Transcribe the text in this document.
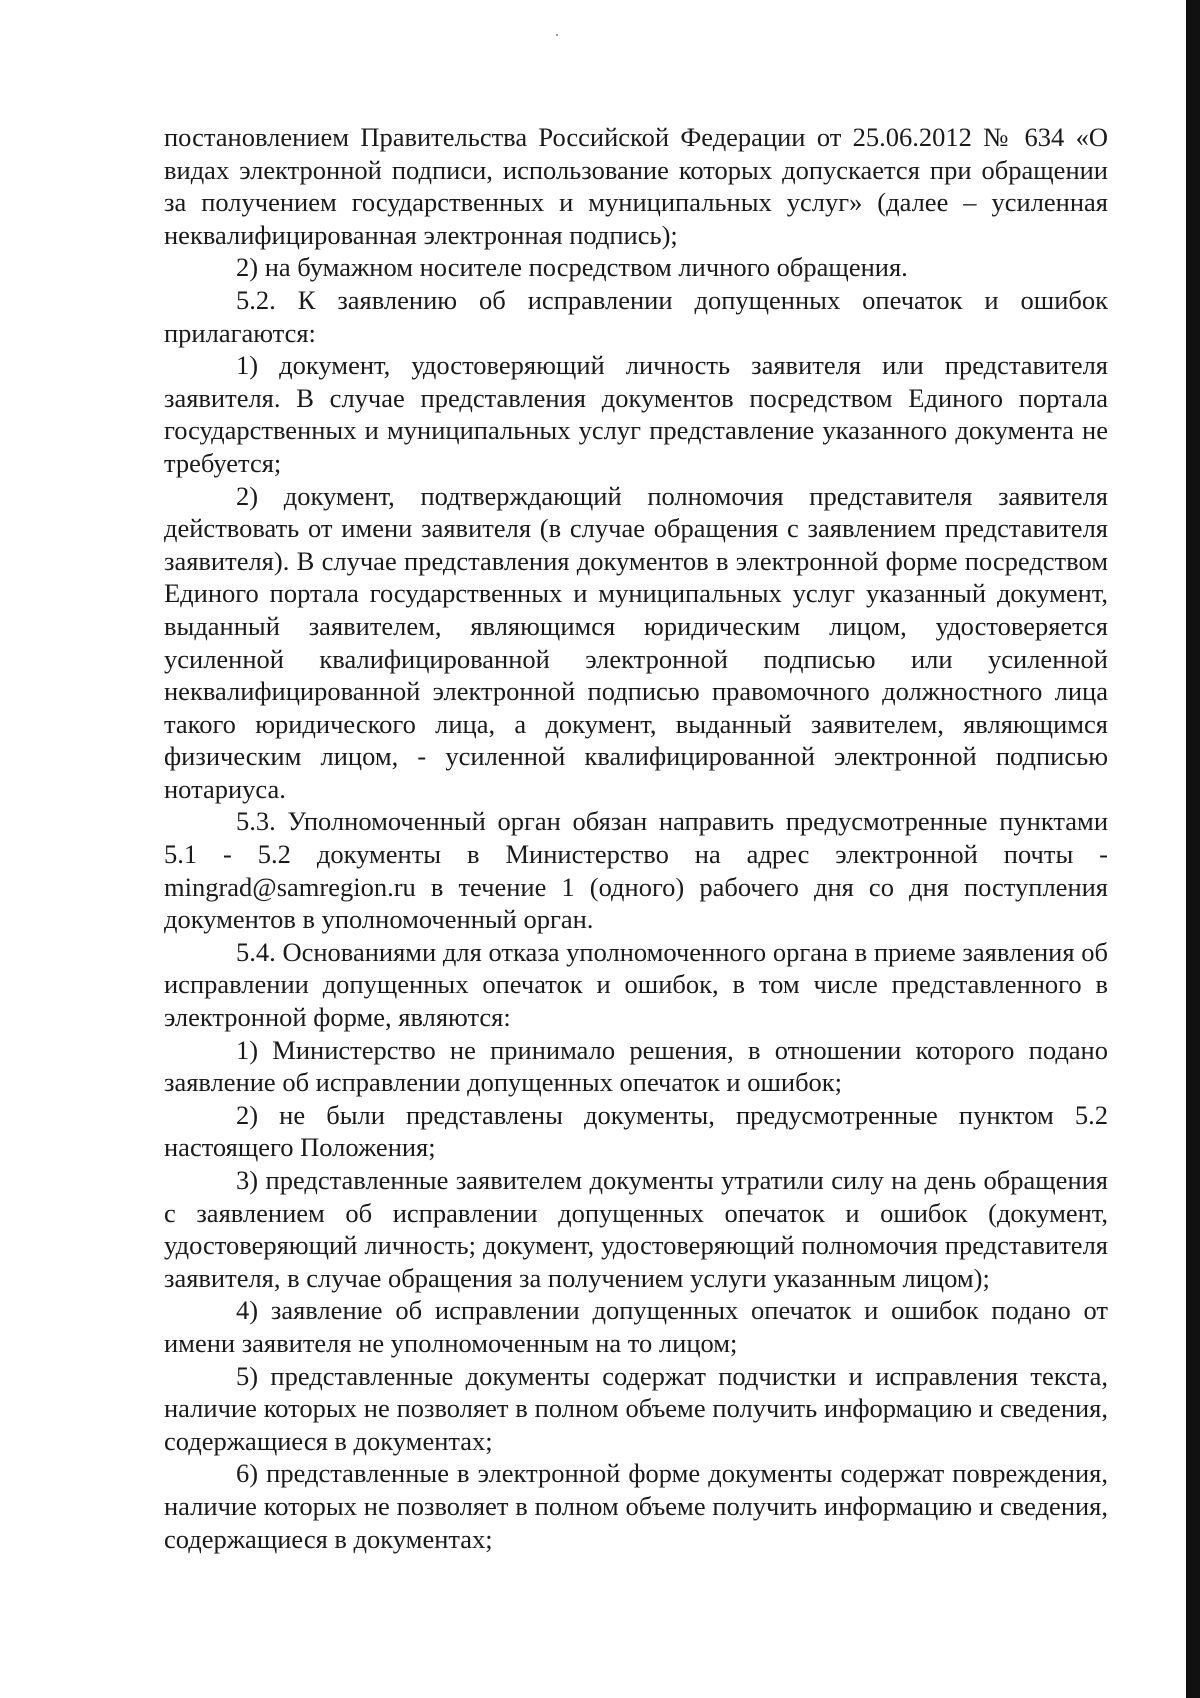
постановлением Правительства Российской Федерации от 25.06.2012 № 634 «О видах электронной подписи, использование которых допускается при обращении за получением государственных и муниципальных услуг» (далее – усиленная неквалифицированная электронная подпись);

2) на бумажном носителе посредством личного обращения.

5.2. К заявлению об исправлении допущенных опечаток и ошибок прилагаются:

1) документ, удостоверяющий личность заявителя или представителя заявителя. В случае представления документов посредством Единого портала государственных и муниципальных услуг представление указанного документа не требуется;

2) документ, подтверждающий полномочия представителя заявителя действовать от имени заявителя (в случае обращения с заявлением представителя заявителя). В случае представления документов в электронной форме посредством Единого портала государственных и муниципальных услуг указанный документ, выданный заявителем, являющимся юридическим лицом, удостоверяется усиленной квалифицированной электронной подписью или усиленной неквалифицированной электронной подписью правомочного должностного лица такого юридического лица, а документ, выданный заявителем, являющимся физическим лицом, - усиленной квалифицированной электронной подписью нотариуса.

5.3. Уполномоченный орган обязан направить предусмотренные пунктами 5.1 - 5.2 документы в Министерство на адрес электронной почты - mingrad@samregion.ru в течение 1 (одного) рабочего дня со дня поступления документов в уполномоченный орган.

5.4. Основаниями для отказа уполномоченного органа в приеме заявления об исправлении допущенных опечаток и ошибок, в том числе представленного в электронной форме, являются:

1) Министерство не принимало решения, в отношении которого подано заявление об исправлении допущенных опечаток и ошибок;

2) не были представлены документы, предусмотренные пунктом 5.2 настоящего Положения;

3) представленные заявителем документы утратили силу на день обращения с заявлением об исправлении допущенных опечаток и ошибок (документ, удостоверяющий личность; документ, удостоверяющий полномочия представителя заявителя, в случае обращения за получением услуги указанным лицом);

4) заявление об исправлении допущенных опечаток и ошибок подано от имени заявителя не уполномоченным на то лицом;

5) представленные документы содержат подчистки и исправления текста, наличие которых не позволяет в полном объеме получить информацию и сведения, содержащиеся в документах;

6) представленные в электронной форме документы содержат повреждения, наличие которых не позволяет в полном объеме получить информацию и сведения, содержащиеся в документах;
